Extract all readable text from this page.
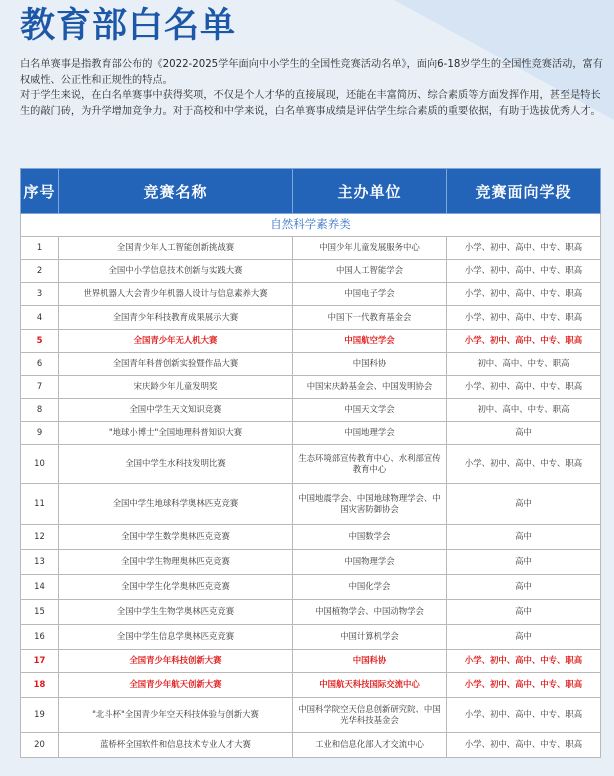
教育部白名单

白名单赛事是指教育部公布的《2022-2025学年面向中小学生的全国性竞赛活动名单》，面向6-18岁学生的全国性竞赛活动，富有权威性、公正性和正规性的特点。

对于学生来说，在白名单赛事中获得奖项，不仅是个人才华的直接展现，还能在丰富简历、综合素质等方面发挥作用，甚至是特长生的敲门砖，为升学增加竞争力。对于高校和中学来说，白名单赛事成绩是评估学生综合素质的重要依据，有助于选拔优秀人才。

序号	竞赛名称	主办单位	竞赛面向学段
自然科学素养类			
1	全国青少年人工智能创新挑战赛	中国少年儿童发展服务中心	小学、初中、高中、中专、职高
2	全国中小学信息技术创新与实践大赛	中国人工智能学会	小学、初中、高中、中专、职高
3	世界机器人大会青少年机器人设计与信息素养大赛	中国电子学会	小学、初中、高中、中专、职高
4	全国青少年科技教育成果展示大赛	中国下一代教育基金会	小学、初中、高中、中专、职高
5	全国青少年无人机大赛	中国航空学会	小学、初中、高中、中专、职高
6	全国青年科普创新实验暨作品大赛	中国科协	初中、高中、中专、职高
7	宋庆龄少年儿童发明奖	中国宋庆龄基金会、中国发明协会	小学、初中、高中、中专、职高
8	全国中学生天文知识竞赛	中国天文学会	初中、高中、中专、职高
9	"地球小博士"全国地理科普知识大赛	中国地理学会	高中
10	全国中学生水科技发明比赛	生态环境部宣传教育中心、水利部宣传教育中心	小学、初中、高中、中专、职高
11	全国中学生地球科学奥林匹克竞赛	中国地震学会、中国地球物理学会、中国灾害防御协会	高中
12	全国中学生数学奥林匹克竞赛	中国数学会	高中
13	全国中学生物理奥林匹克竞赛	中国物理学会	高中
14	全国中学生化学奥林匹克竞赛	中国化学会	高中
15	全国中学生生物学奥林匹克竞赛	中国植物学会、中国动物学会	高中
16	全国中学生信息学奥林匹克竞赛	中国计算机学会	高中
17	全国青少年科技创新大赛	中国科协	小学、初中、高中、中专、职高
18	全国青少年航天创新大赛	中国航天科技国际交流中心	小学、初中、高中、中专、职高
19	"北斗杯"全国青少年空天科技体验与创新大赛	中国科学院空天信息创新研究院、中国光华科技基金会	小学、初中、高中、中专、职高
20	蓝桥杯全国软件和信息技术专业人才大赛	工业和信息化部人才交流中心	小学、初中、高中、中专、职高
